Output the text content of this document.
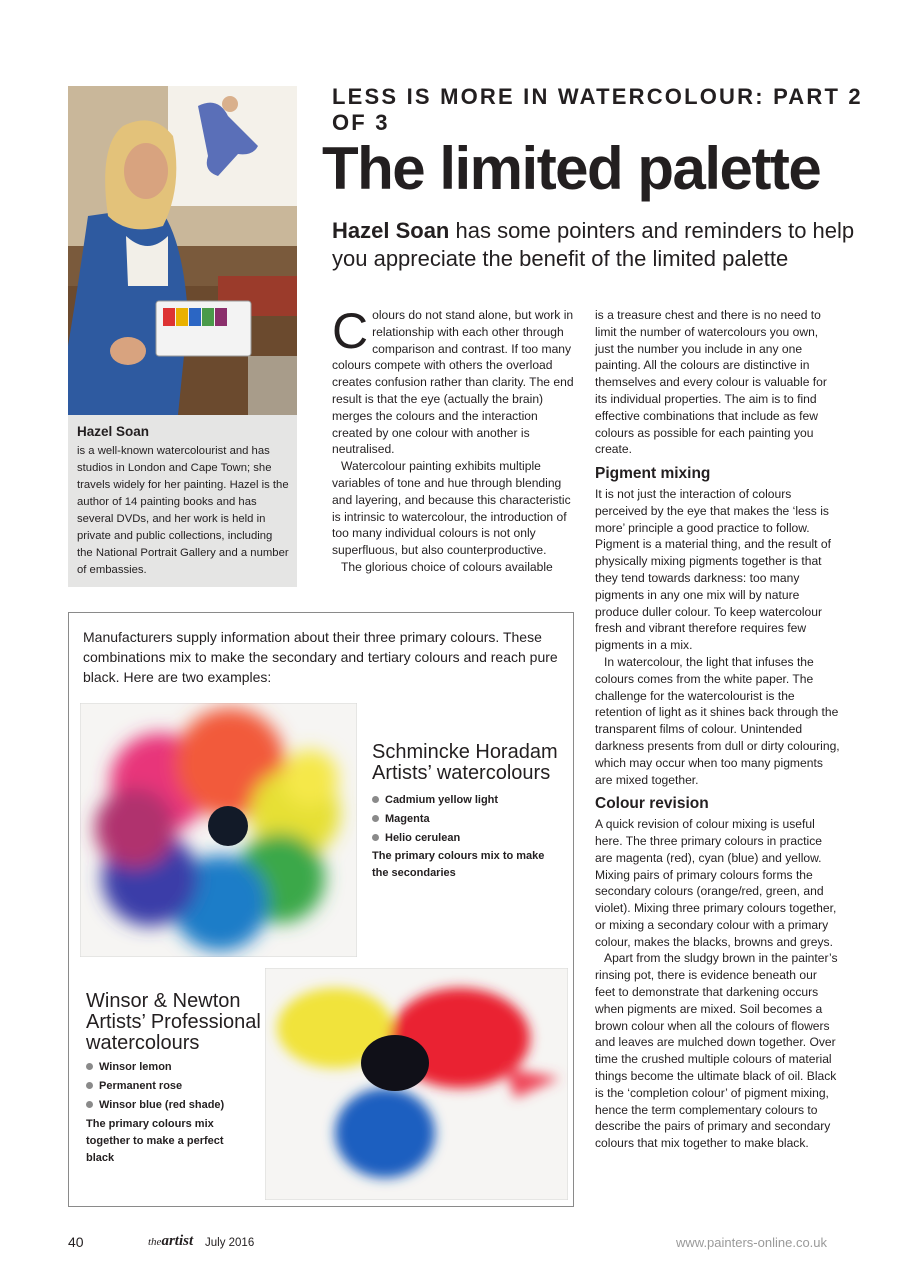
Hazel Soan
is a well-known watercolourist and has studios in London and Cape Town; she travels widely for her painting. Hazel is the author of 14 painting books and has several DVDs, and her work is held in private and public collections, including the National Portrait Gallery and a number of embassies.
LESS IS MORE IN WATERCOLOUR: PART 2 OF 3
The limited palette
Hazel Soan has some pointers and reminders to help you appreciate the benefit of the limited palette

Colours do not stand alone, but work in relationship with each other through comparison and contrast. If too many colours compete with others the overload creates confusion rather than clarity. The end result is that the eye (actually the brain) merges the colours and the interaction created by one colour with another is neutralised.

Watercolour painting exhibits multiple variables of tone and hue through blending and layering, and because this characteristic is intrinsic to watercolour, the introduction of too many individual colours is not only superfluous, but also counterproductive.

The glorious choice of colours available

is a treasure chest and there is no need to limit the number of watercolours you own, just the number you include in any one painting. All the colours are distinctive in themselves and every colour is valuable for its individual properties. The aim is to find effective combinations that include as few colours as possible for each painting you create.

Pigment mixing

It is not just the interaction of colours perceived by the eye that makes the ‘less is more’ principle a good practice to follow. Pigment is a material thing, and the result of physically mixing pigments together is that they tend towards darkness: too many pigments in any one mix will by nature produce duller colour. To keep watercolour fresh and vibrant therefore requires few pigments in a mix.

In watercolour, the light that infuses the colours comes from the white paper. The challenge for the watercolourist is the retention of light as it shines back through the transparent films of colour. Unintended darkness presents from dull or dirty colouring, which may occur when too many pigments are mixed together.

Colour revision

A quick revision of colour mixing is useful here. The three primary colours in practice are magenta (red), cyan (blue) and yellow. Mixing pairs of primary colours forms the secondary colours (orange/red, green, and violet). Mixing three primary colours together, or mixing a secondary colour with a primary colour, makes the blacks, browns and greys.

Apart from the sludgy brown in the painter’s rinsing pot, there is evidence beneath our feet to demonstrate that darkening occurs when pigments are mixed. Soil becomes a brown colour when all the colours of flowers and leaves are mulched down together. Over time the crushed multiple colours of material things become the ultimate black of oil. Black is the ‘completion colour’ of pigment mixing, hence the term complementary colours to describe the pairs of primary and secondary colours that mix together to make black.

Manufacturers supply information about their three primary colours. These combinations mix to make the secondary and tertiary colours and reach pure black. Here are two examples:
Schmincke Horadam Artists’ watercolours
Cadmium yellow light
Magenta
Helio cerulean
The primary colours mix to make the secondaries
Winsor & Newton Artists’ Professional watercolours
Winsor lemon
Permanent rose
Winsor blue (red shade)
The primary colours mix together to make a perfect black
40	theartist July 2016	www.painters-online.co.uk
